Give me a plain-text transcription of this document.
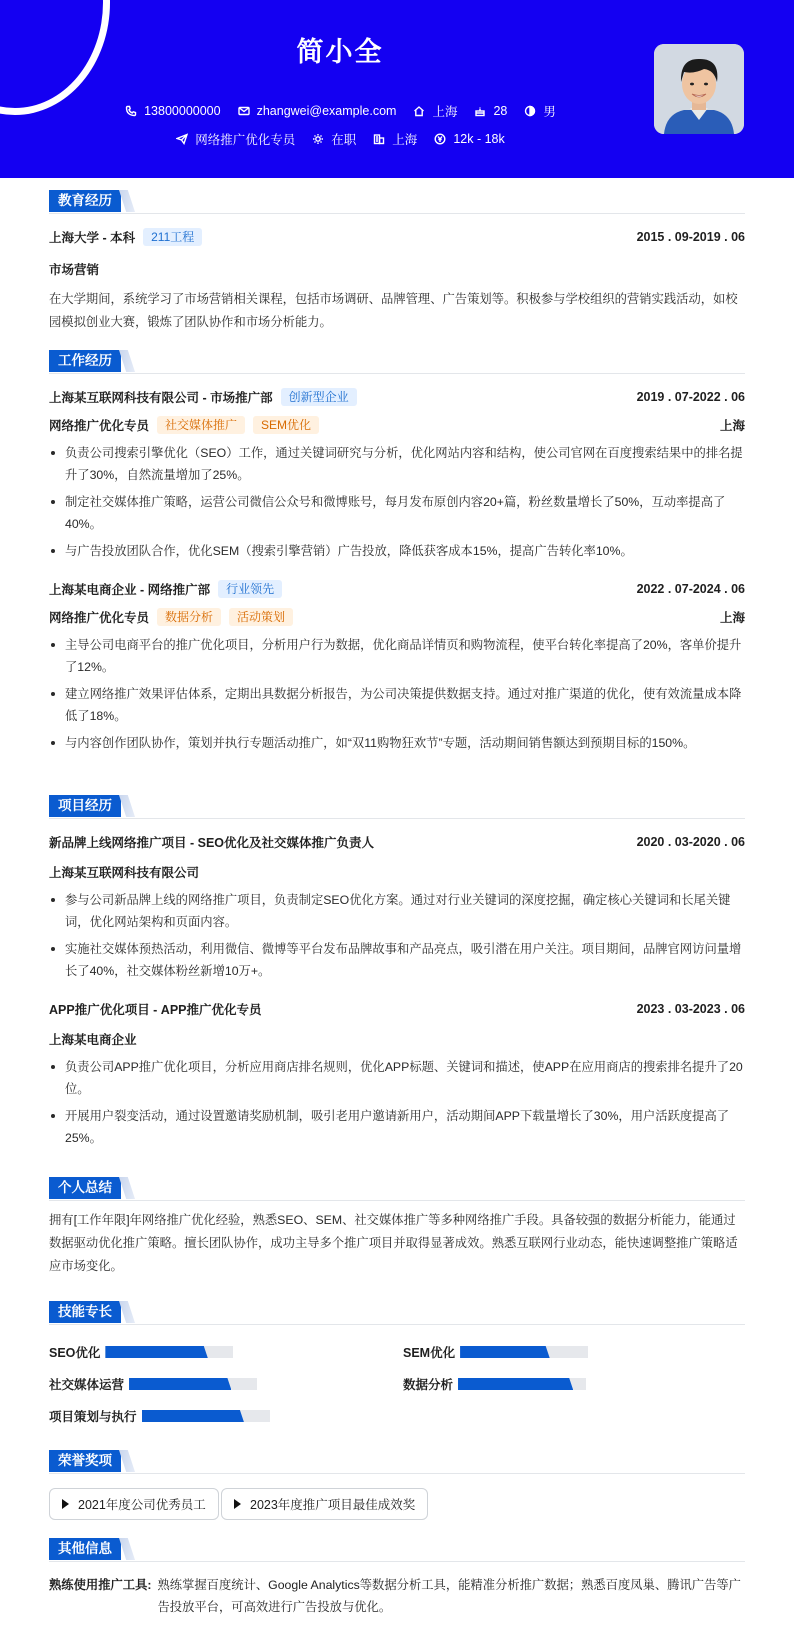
简小全
13800000000	zhangwei@example.com	上海	28	男
网络推广优化专员	在职	上海	12k - 18k
教育经历
上海大学 - 本科	211工程	2015 . 09-2019 . 06
市场营销
在大学期间，系统学习了市场营销相关课程，包括市场调研、品牌管理、广告策划等。积极参与学校组织的营销实践活动，如校园模拟创业大赛，锻炼了团队协作和市场分析能力。
工作经历
上海某互联网科技有限公司 - 市场推广部	创新型企业	2019 . 07-2022 . 06
网络推广优化专员	社交媒体推广	SEM优化	上海
负责公司搜索引擎优化（SEO）工作，通过关键词研究与分析，优化网站内容和结构，使公司官网在百度搜索结果中的排名提升了30%，自然流量增加了25%。
制定社交媒体推广策略，运营公司微信公众号和微博账号，每月发布原创内容20+篇，粉丝数量增长了50%，互动率提高了40%。
与广告投放团队合作，优化SEM（搜索引擎营销）广告投放，降低获客成本15%，提高广告转化率10%。
上海某电商企业 - 网络推广部	行业领先	2022 . 07-2024 . 06
网络推广优化专员	数据分析	活动策划	上海
主导公司电商平台的推广优化项目，分析用户行为数据，优化商品详情页和购物流程，使平台转化率提高了20%，客单价提升了12%。
建立网络推广效果评估体系，定期出具数据分析报告，为公司决策提供数据支持。通过对推广渠道的优化，使有效流量成本降低了18%。
与内容创作团队协作，策划并执行专题活动推广，如“双11购物狂欢节”专题，活动期间销售额达到预期目标的150%。
项目经历
新品牌上线网络推广项目 - SEO优化及社交媒体推广负责人	2020 . 03-2020 . 06
上海某互联网科技有限公司
参与公司新品牌上线的网络推广项目，负责制定SEO优化方案。通过对行业关键词的深度挖掘，确定核心关键词和长尾关键词，优化网站架构和页面内容。
实施社交媒体预热活动，利用微信、微博等平台发布品牌故事和产品亮点，吸引潜在用户关注。项目期间，品牌官网访问量增长了40%，社交媒体粉丝新增10万+。
APP推广优化项目 - APP推广优化专员	2023 . 03-2023 . 06
上海某电商企业
负责公司APP推广优化项目，分析应用商店排名规则，优化APP标题、关键词和描述，使APP在应用商店的搜索排名提升了20位。
开展用户裂变活动，通过设置邀请奖励机制，吸引老用户邀请新用户，活动期间APP下载量增长了30%，用户活跃度提高了25%。
个人总结
拥有[工作年限]年网络推广优化经验，熟悉SEO、SEM、社交媒体推广等多种网络推广手段。具备较强的数据分析能力，能通过数据驱动优化推广策略。擅长团队协作，成功主导多个推广项目并取得显著成效。熟悉互联网行业动态，能快速调整推广策略适应市场变化。
技能专长
SEO优化	SEM优化
社交媒体运营	数据分析
项目策划与执行
荣誉奖项
2021年度公司优秀员工	2023年度推广项目最佳成效奖
其他信息
熟练使用推广工具: 熟练掌握百度统计、Google Analytics等数据分析工具，能精准分析推广数据；熟悉百度凤巢、腾讯广告等广告投放平台，可高效进行广告投放与优化。
